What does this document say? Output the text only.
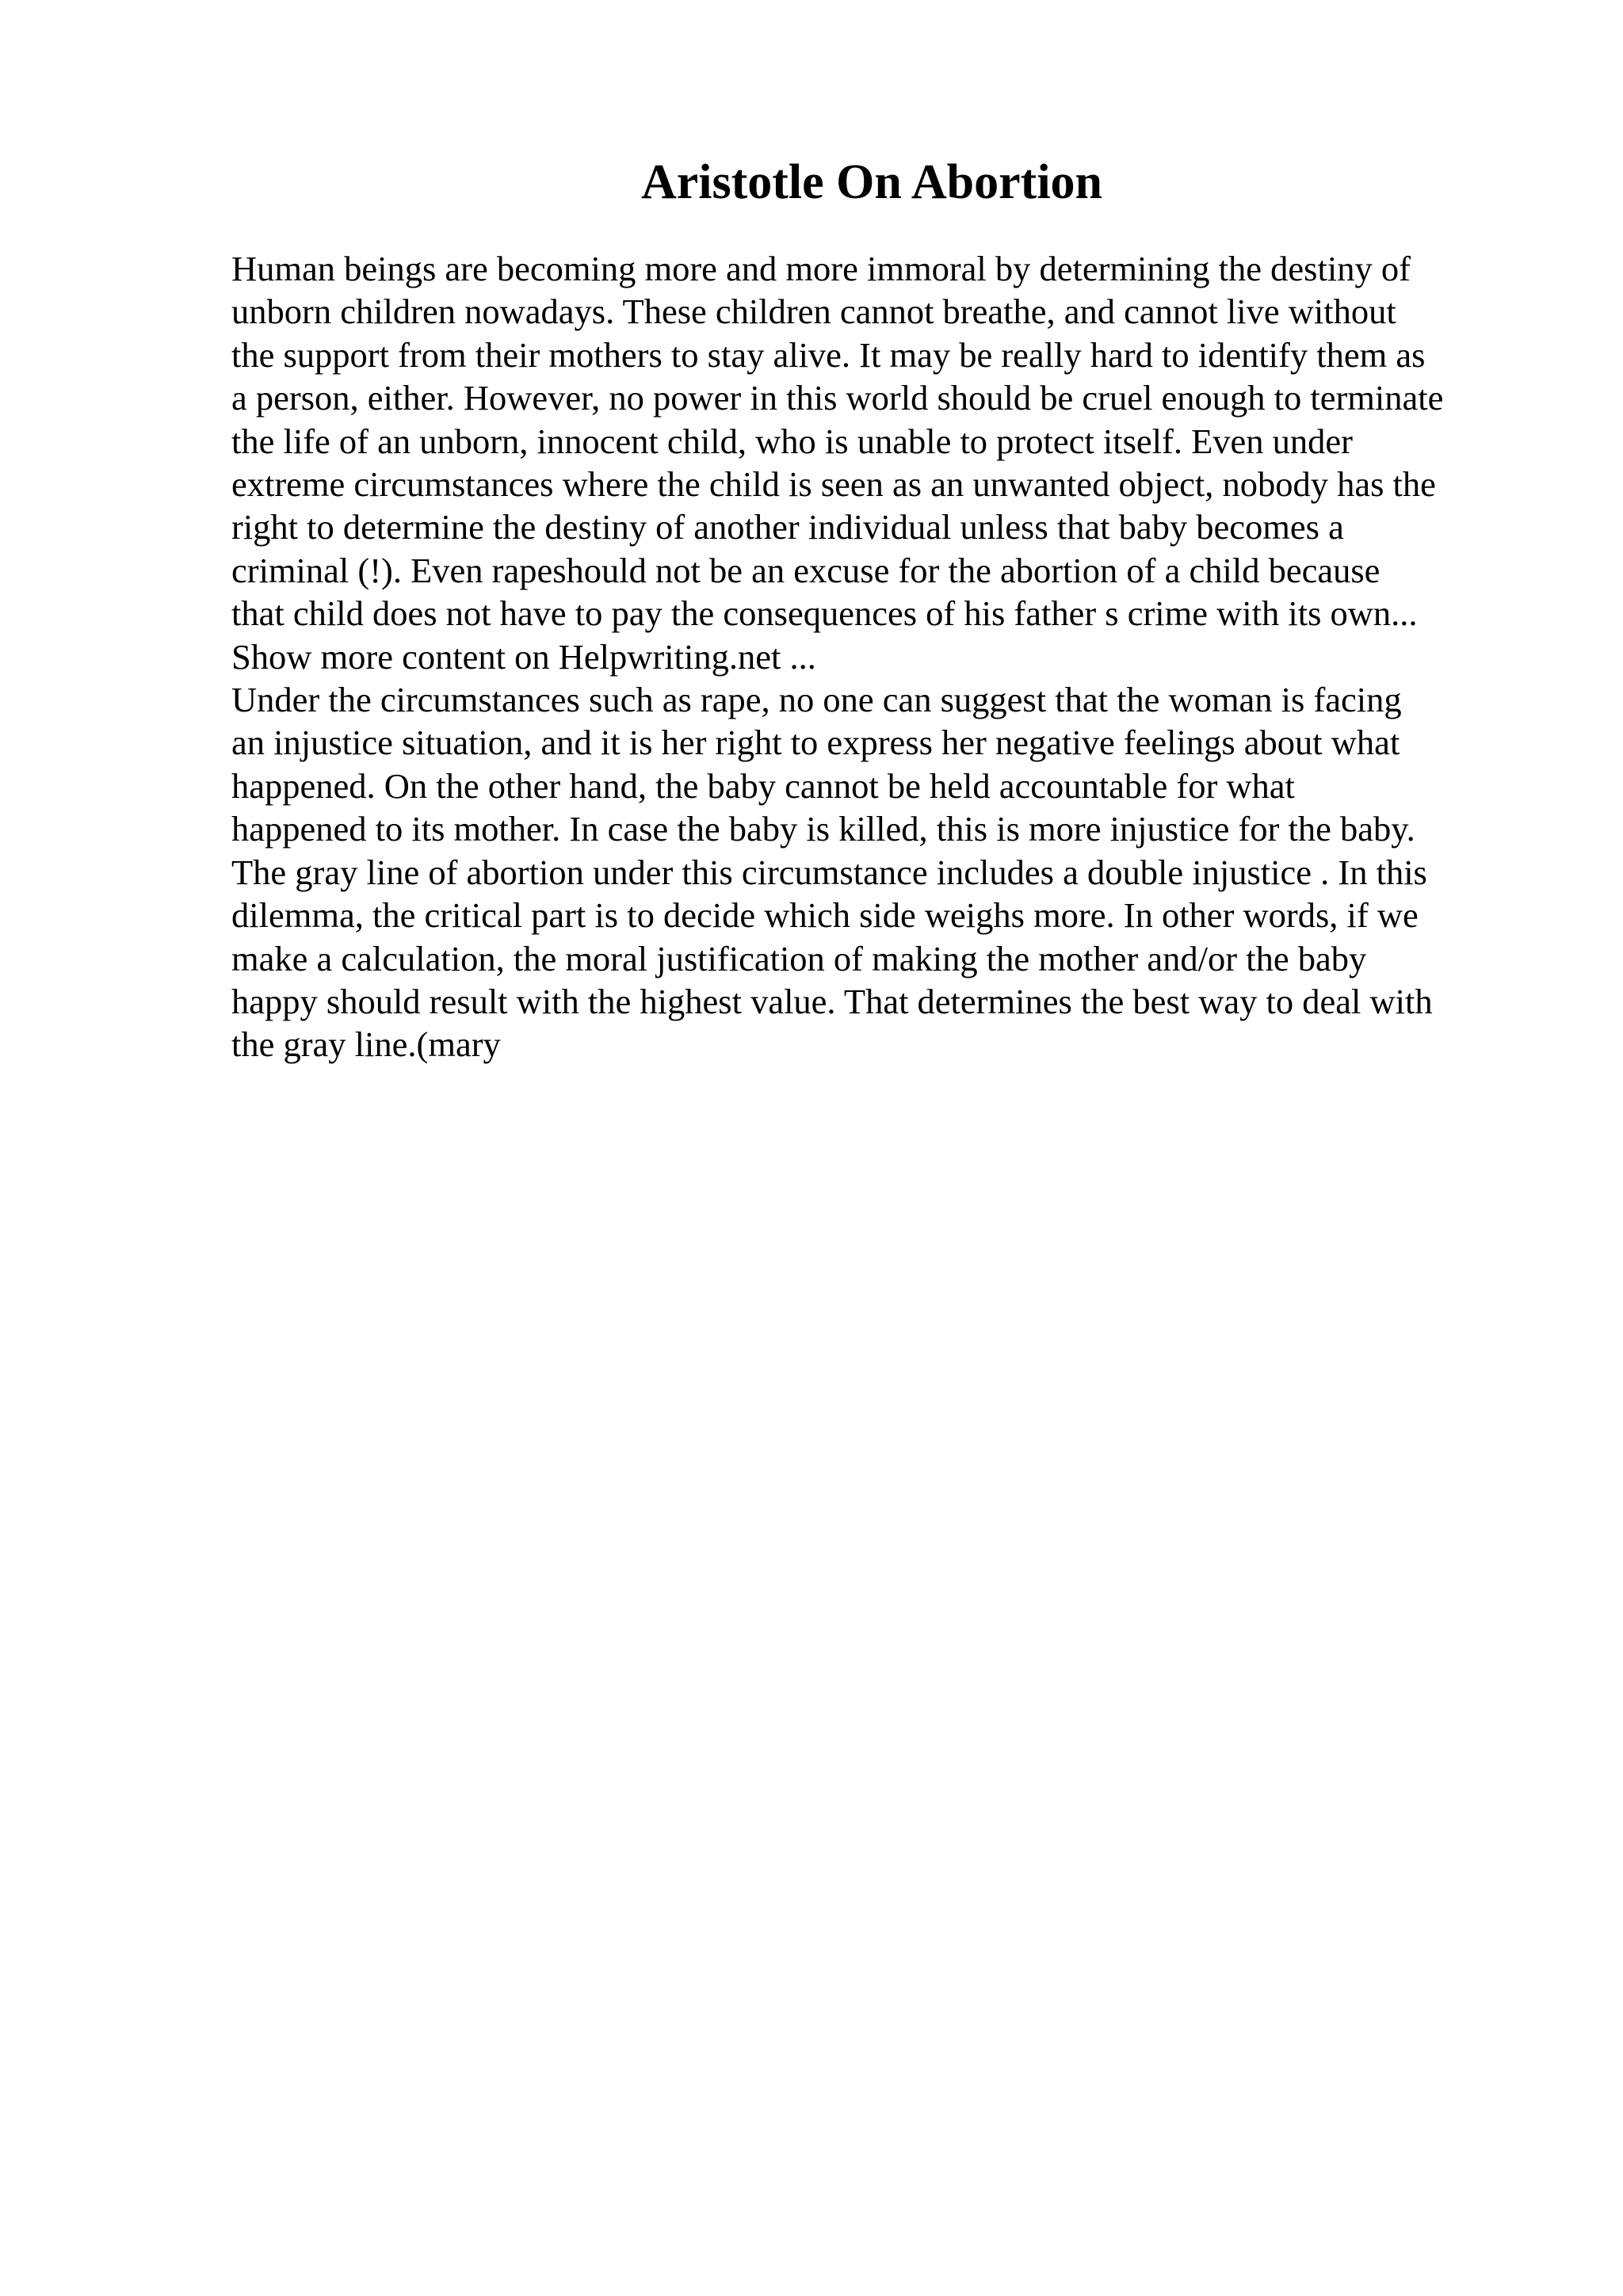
Aristotle On Abortion
Human beings are becoming more and more immoral by determining the destiny of
unborn children nowadays. These children cannot breathe, and cannot live without
the support from their mothers to stay alive. It may be really hard to identify them as
a person, either. However, no power in this world should be cruel enough to terminate
the life of an unborn, innocent child, who is unable to protect itself. Even under
extreme circumstances where the child is seen as an unwanted object, nobody has the
right to determine the destiny of another individual unless that baby becomes a
criminal (!). Even rapeshould not be an excuse for the abortion of a child because
that child does not have to pay the consequences of his father s crime with its own...
Show more content on Helpwriting.net ...
Under the circumstances such as rape, no one can suggest that the woman is facing
an injustice situation, and it is her right to express her negative feelings about what
happened. On the other hand, the baby cannot be held accountable for what
happened to its mother. In case the baby is killed, this is more injustice for the baby.
The gray line of abortion under this circumstance includes a double injustice . In this
dilemma, the critical part is to decide which side weighs more. In other words, if we
make a calculation, the moral justification of making the mother and/or the baby
happy should result with the highest value. That determines the best way to deal with
the gray line.(mary
